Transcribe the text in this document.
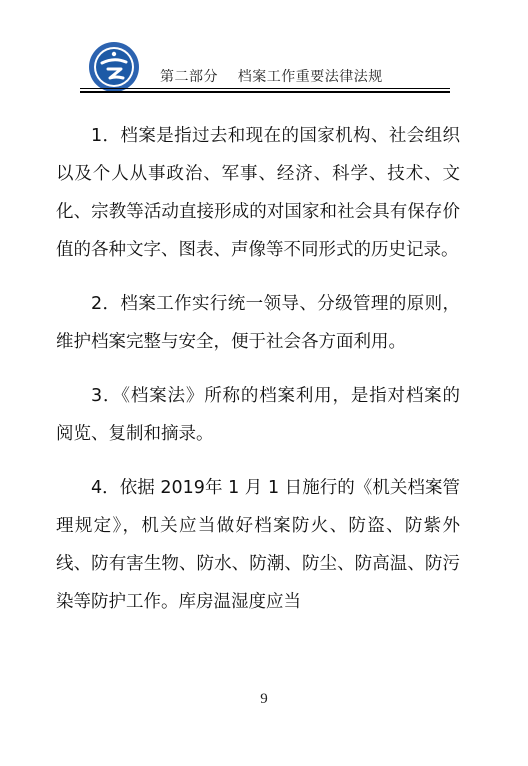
第二部分    档案工作重要法律法规

1．档案是指过去和现在的国家机构、社会组织以及个人从事政治、军事、经济、科学、技术、文化、宗教等活动直接形成的对国家和社会具有保存价值的各种文字、图表、声像等不同形式的历史记录。

2．档案工作实行统一领导、分级管理的原则，维护档案完整与安全，便于社会各方面利用。

3．《档案法》所称的档案利用，是指对档案的阅览、复制和摘录。

4．依据 2019年 1 月 1 日施行的《机关档案管理规定》，机关应当做好档案防火、防盗、防紫外线、防有害生物、防水、防潮、防尘、防高温、防污染等防护工作。库房温湿度应当

9
